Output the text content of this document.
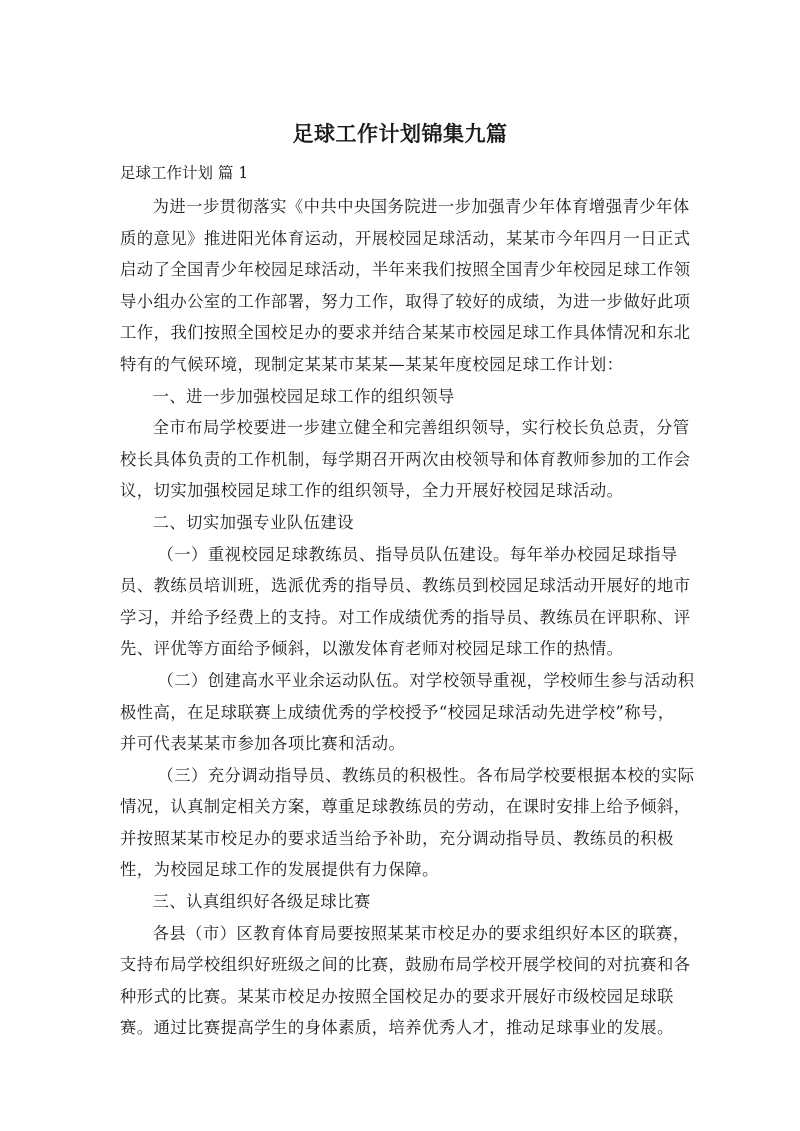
足球工作计划锦集九篇

足球工作计划 篇 1

为进一步贯彻落实《中共中央国务院进一步加强青少年体育增强青少年体
质的意见》推进阳光体育运动，开展校园足球活动，某某市今年四月一日正式
启动了全国青少年校园足球活动，半年来我们按照全国青少年校园足球工作领
导小组办公室的工作部署，努力工作，取得了较好的成绩，为进一步做好此项
工作，我们按照全国校足办的要求并结合某某市校园足球工作具体情况和东北
特有的气候环境，现制定某某市某某—某某年度校园足球工作计划：

一、进一步加强校园足球工作的组织领导

全市布局学校要进一步建立健全和完善组织领导，实行校长负总责，分管
校长具体负责的工作机制，每学期召开两次由校领导和体育教师参加的工作会
议，切实加强校园足球工作的组织领导，全力开展好校园足球活动。

二、切实加强专业队伍建设

（一）重视校园足球教练员、指导员队伍建设。每年举办校园足球指导
员、教练员培训班，选派优秀的指导员、教练员到校园足球活动开展好的地市
学习，并给予经费上的支持。对工作成绩优秀的指导员、教练员在评职称、评
先、评优等方面给予倾斜，以激发体育老师对校园足球工作的热情。

（二）创建高水平业余运动队伍。对学校领导重视，学校师生参与活动积
极性高，在足球联赛上成绩优秀的学校授予“校园足球活动先进学校”称号，
并可代表某某市参加各项比赛和活动。

（三）充分调动指导员、教练员的积极性。各布局学校要根据本校的实际
情况，认真制定相关方案，尊重足球教练员的劳动，在课时安排上给予倾斜，
并按照某某市校足办的要求适当给予补助，充分调动指导员、教练员的积极
性，为校园足球工作的发展提供有力保障。

三、认真组织好各级足球比赛

各县（市）区教育体育局要按照某某市校足办的要求组织好本区的联赛，
支持布局学校组织好班级之间的比赛，鼓励布局学校开展学校间的对抗赛和各
种形式的比赛。某某市校足办按照全国校足办的要求开展好市级校园足球联
赛。通过比赛提高学生的身体素质，培养优秀人才，推动足球事业的发展。
